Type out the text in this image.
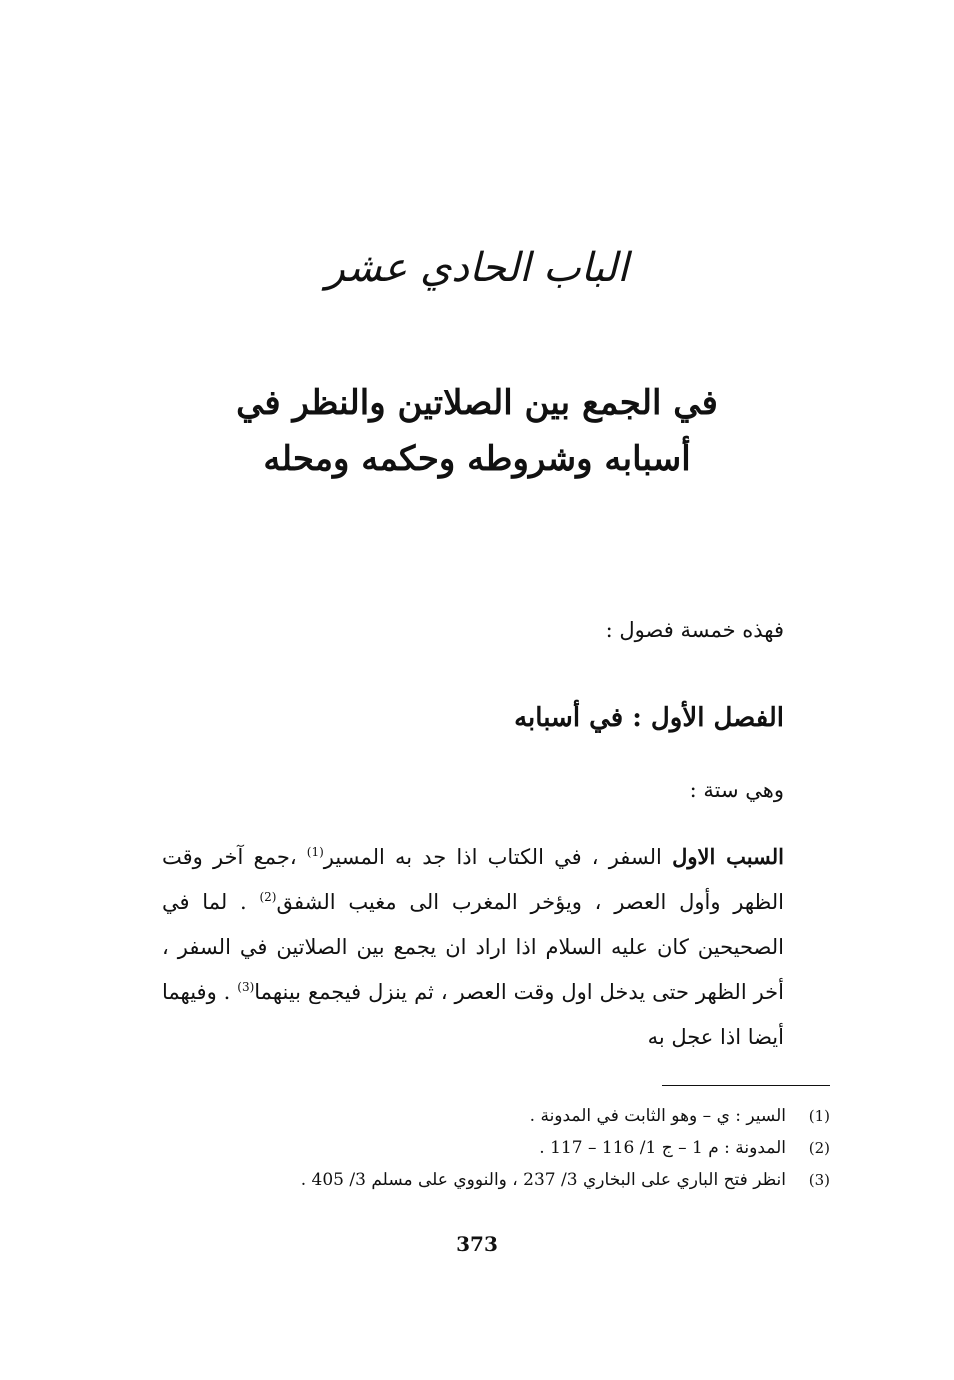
الباب الحادي عشر
في الجمع بين الصلاتين والنظر في
أسبابه وشروطه وحكمه ومحله
فهذه خمسة فصول :
الفصل الأول : في أسبابه
وهي ستة :
السبب الاول السفر ، في الكتاب اذا جد به المسير$^{(1)}$ ،جمع آخر وقت الظهر وأول العصر ، ويؤخر المغرب الى مغيب الشفق$^{(2)}$ . لما في الصحيحين كان عليه السلام اذا اراد ان يجمع بين الصلاتين في السفر ، أخر الظهر حتى يدخل اول وقت العصر ، ثم ينزل فيجمع بينهما$^{(3)}$ . وفيهما أيضا اذا عجل به
(1)
السير : ي – وهو الثابت في المدونة .
(2)
المدونة : م 1 – ج 1/ 116 – 117 .
(3)
انظر فتح الباري على البخاري 3/ 237 ، والنووي على مسلم 3/ 405 .
373
